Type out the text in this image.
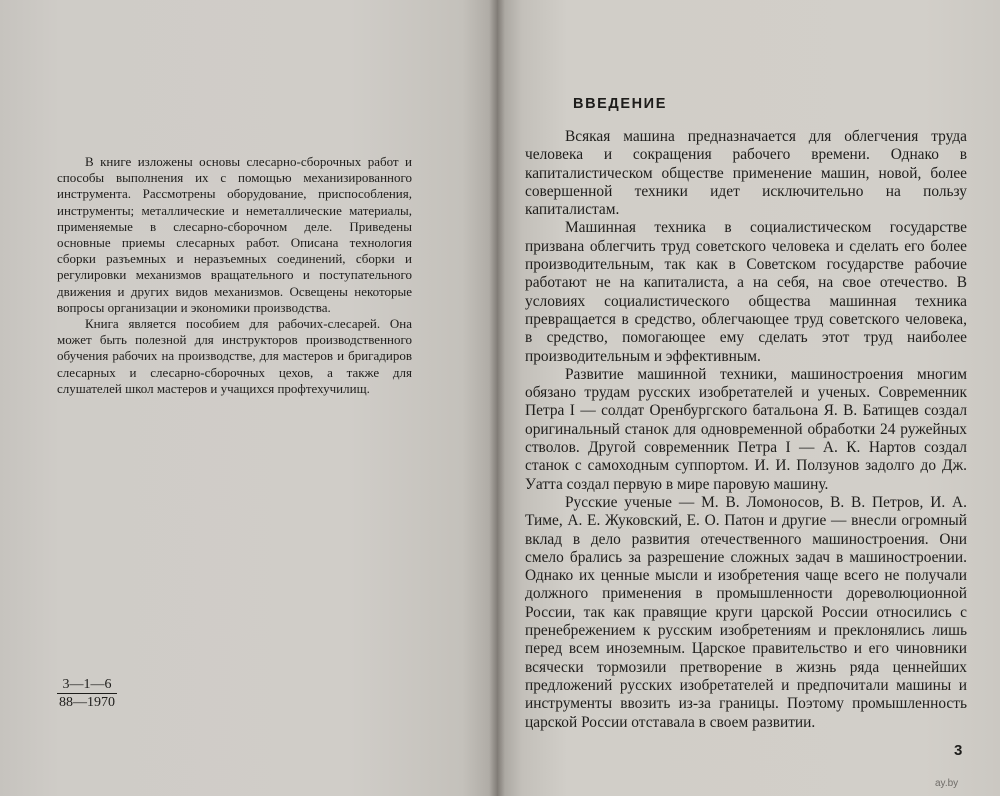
В книге изложены основы слесарно-сборочных работ и способы выполнения их с помощью механизированного инструмента. Рассмотрены оборудование, приспособления, инструменты; металлические и неметаллические материалы, применяемые в слесарно-сборочном деле. Приведены основные приемы слесарных работ. Описана технология сборки разъемных и неразъемных соединений, сборки и регулировки механизмов вращательного и поступательного движения и других видов механизмов. Освещены некоторые вопросы организации и экономики производства.

Книга является пособием для рабочих-слесарей. Она может быть полезной для инструкторов производственного обучения рабочих на производстве, для мастеров и бригадиров слесарных и слесарно-сборочных цехов, а также для слушателей школ мастеров и учащихся профтехучилищ.

$\frac{3—1—6}{88—1970}$
ВВЕДЕНИЕ

Всякая машина предназначается для облегчения труда человека и сокращения рабочего времени. Однако в капиталистическом обществе применение машин, новой, более совершенной техники идет исключительно на пользу капиталистам.

Машинная техника в социалистическом государстве призвана облегчить труд советского человека и сделать его более производительным, так как в Советском государстве рабочие работают не на капиталиста, а на себя, на свое отечество. В условиях социалистического общества машинная техника превращается в средство, облегчающее труд советского человека, в средство, помогающее ему сделать этот труд наиболее производительным и эффективным.

Развитие машинной техники, машиностроения многим обязано трудам русских изобретателей и ученых. Современник Петра I — солдат Оренбургского батальона Я. В. Батищев создал оригинальный станок для одновременной обработки 24 ружейных стволов. Другой современник Петра I — А. К. Нартов создал станок с самоходным суппортом. И. И. Ползунов задолго до Дж. Уатта создал первую в мире паровую машину.

Русские ученые — М. В. Ломоносов, В. В. Петров, И. А. Тиме, А. Е. Жуковский, Е. О. Патон и другие — внесли огромный вклад в дело развития отечественного машиностроения. Они смело брались за разрешение сложных задач в машиностроении. Однако их ценные мысли и изобретения чаще всего не получали должного применения в промышленности дореволюционной России, так как правящие круги царской России относились с пренебрежением к русским изобретениям и преклонялись лишь перед всем иноземным. Царское правительство и его чиновники всячески тормозили претворение в жизнь ряда ценнейших предложений русских изобретателей и предпочитали машины и инструменты ввозить из-за границы. Поэтому промышленность царской России отставала в своем развитии.

3
ay.by
